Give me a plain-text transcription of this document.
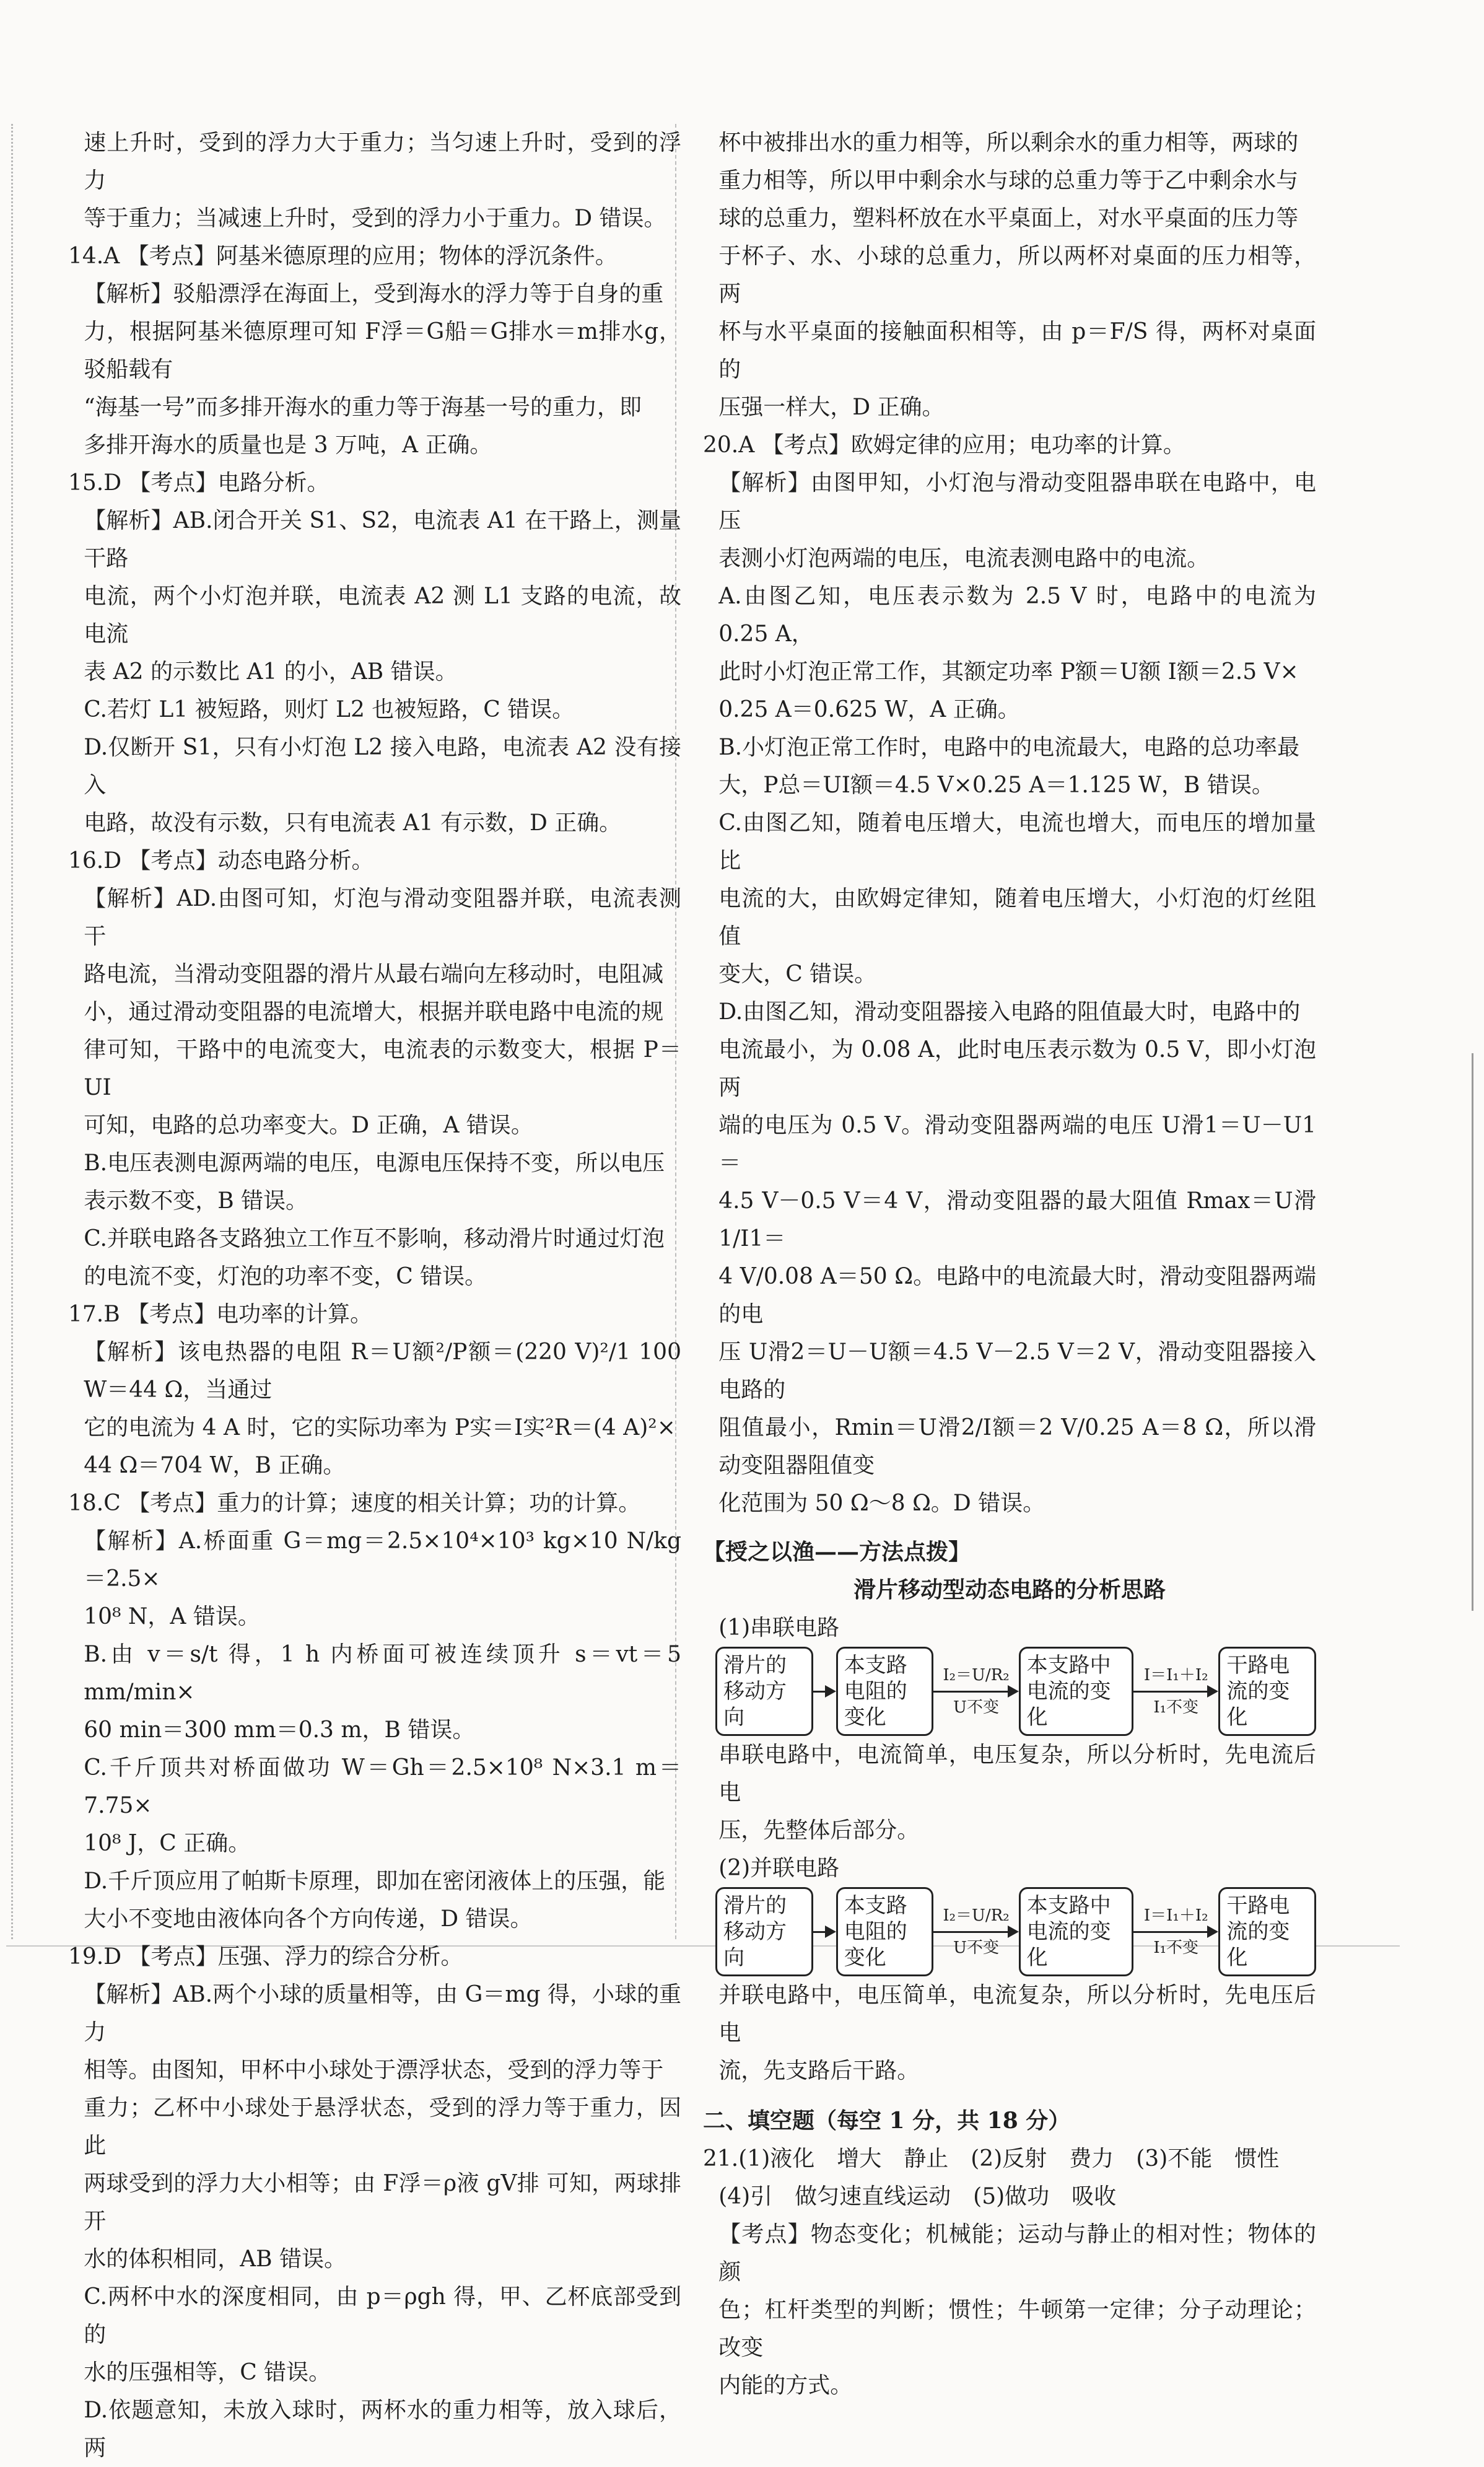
速上升时，受到的浮力大于重力；当匀速上升时，受到的浮力

等于重力；当减速上升时，受到的浮力小于重力。D 错误。

14.A 【考点】阿基米德原理的应用；物体的浮沉条件。

【解析】驳船漂浮在海面上，受到海水的浮力等于自身的重

力，根据阿基米德原理可知 F浮＝G船＝G排水＝m排水g，驳船载有

“海基一号”而多排开海水的重力等于海基一号的重力，即

多排开海水的质量也是 3 万吨，A 正确。

15.D 【考点】电路分析。

【解析】AB.闭合开关 S1、S2，电流表 A1 在干路上，测量干路

电流，两个小灯泡并联，电流表 A2 测 L1 支路的电流，故电流

表 A2 的示数比 A1 的小，AB 错误。

C.若灯 L1 被短路，则灯 L2 也被短路，C 错误。

D.仅断开 S1，只有小灯泡 L2 接入电路，电流表 A2 没有接入

电路，故没有示数，只有电流表 A1 有示数，D 正确。

16.D 【考点】动态电路分析。

【解析】AD.由图可知，灯泡与滑动变阻器并联，电流表测干

路电流，当滑动变阻器的滑片从最右端向左移动时，电阻减

小，通过滑动变阻器的电流增大，根据并联电路中电流的规

律可知，干路中的电流变大，电流表的示数变大，根据 P＝UI

可知，电路的总功率变大。D 正确，A 错误。

B.电压表测电源两端的电压，电源电压保持不变，所以电压

表示数不变，B 错误。

C.并联电路各支路独立工作互不影响，移动滑片时通过灯泡

的电流不变，灯泡的功率不变，C 错误。

17.B 【考点】电功率的计算。

【解析】该电热器的电阻 R＝U额²/P额＝(220 V)²/1 100 W＝44 Ω，当通过

它的电流为 4 A 时，它的实际功率为 P实＝I实²R＝(4 A)²×

44 Ω＝704 W，B 正确。

18.C 【考点】重力的计算；速度的相关计算；功的计算。

【解析】A.桥面重 G＝mg＝2.5×10⁴×10³ kg×10 N/kg＝2.5×

10⁸ N，A 错误。

B.由 v＝s/t 得，1 h 内桥面可被连续顶升 s＝vt＝5 mm/min×

60 min＝300 mm＝0.3 m，B 错误。

C.千斤顶共对桥面做功 W＝Gh＝2.5×10⁸ N×3.1 m＝7.75×

10⁸ J，C 正确。

D.千斤顶应用了帕斯卡原理，即加在密闭液体上的压强，能

大小不变地由液体向各个方向传递，D 错误。

19.D 【考点】压强、浮力的综合分析。

【解析】AB.两个小球的质量相等，由 G＝mg 得，小球的重力

相等。由图知，甲杯中小球处于漂浮状态，受到的浮力等于

重力；乙杯中小球处于悬浮状态，受到的浮力等于重力，因此

两球受到的浮力大小相等；由 F浮＝ρ液 gV排 可知，两球排开

水的体积相同，AB 错误。

C.两杯中水的深度相同，由 p＝ρgh 得，甲、乙杯底部受到的

水的压强相等，C 错误。

D.依题意知，未放入球时，两杯水的重力相等，放入球后，两

杯中被排出水的重力相等，所以剩余水的重力相等，两球的

重力相等，所以甲中剩余水与球的总重力等于乙中剩余水与

球的总重力，塑料杯放在水平桌面上，对水平桌面的压力等

于杯子、水、小球的总重力，所以两杯对桌面的压力相等，两

杯与水平桌面的接触面积相等，由 p＝F/S 得，两杯对桌面的

压强一样大，D 正确。

20.A 【考点】欧姆定律的应用；电功率的计算。

【解析】由图甲知，小灯泡与滑动变阻器串联在电路中，电压

表测小灯泡两端的电压，电流表测电路中的电流。

A.由图乙知，电压表示数为 2.5 V 时，电路中的电流为 0.25 A，

此时小灯泡正常工作，其额定功率 P额＝U额 I额＝2.5 V×

0.25 A＝0.625 W，A 正确。

B.小灯泡正常工作时，电路中的电流最大，电路的总功率最

大，P总＝UI额＝4.5 V×0.25 A＝1.125 W，B 错误。

C.由图乙知，随着电压增大，电流也增大，而电压的增加量比

电流的大，由欧姆定律知，随着电压增大，小灯泡的灯丝阻值

变大，C 错误。

D.由图乙知，滑动变阻器接入电路的阻值最大时，电路中的

电流最小，为 0.08 A，此时电压表示数为 0.5 V，即小灯泡两

端的电压为 0.5 V。滑动变阻器两端的电压 U滑1＝U－U1＝

4.5 V－0.5 V＝4 V，滑动变阻器的最大阻值 Rmax＝U滑1/I1＝

4 V/0.08 A＝50 Ω。电路中的电流最大时，滑动变阻器两端的电

压 U滑2＝U－U额＝4.5 V－2.5 V＝2 V，滑动变阻器接入电路的

阻值最小，Rmin＝U滑2/I额＝2 V/0.25 A＝8 Ω，所以滑动变阻器阻值变

化范围为 50 Ω～8 Ω。D 错误。

【授之以渔——方法点拨】

滑片移动型动态电路的分析思路

(1)串联电路

滑片的移动方向
本支路电阻的变化
I₂＝U/R₂
U不变
本支路中电流的变化
I＝I₁＋I₂
I₁不变
干路电流的变化

串联电路中，电流简单，电压复杂，所以分析时，先电流后电

压，先整体后部分。

(2)并联电路

滑片的移动方向
本支路电阻的变化
I₂＝U/R₂
U不变
本支路中电流的变化
I＝I₁＋I₂
I₁不变
干路电流的变化

并联电路中，电压简单，电流复杂，所以分析时，先电压后电

流，先支路后干路。

二、填空题（每空 1 分，共 18 分）

21.(1)液化　增大　静止　(2)反射　费力　(3)不能　惯性

(4)引　做匀速直线运动　(5)做功　吸收

【考点】物态变化；机械能；运动与静止的相对性；物体的颜

色；杠杆类型的判断；惯性；牛顿第一定律；分子动理论；改变

内能的方式。
